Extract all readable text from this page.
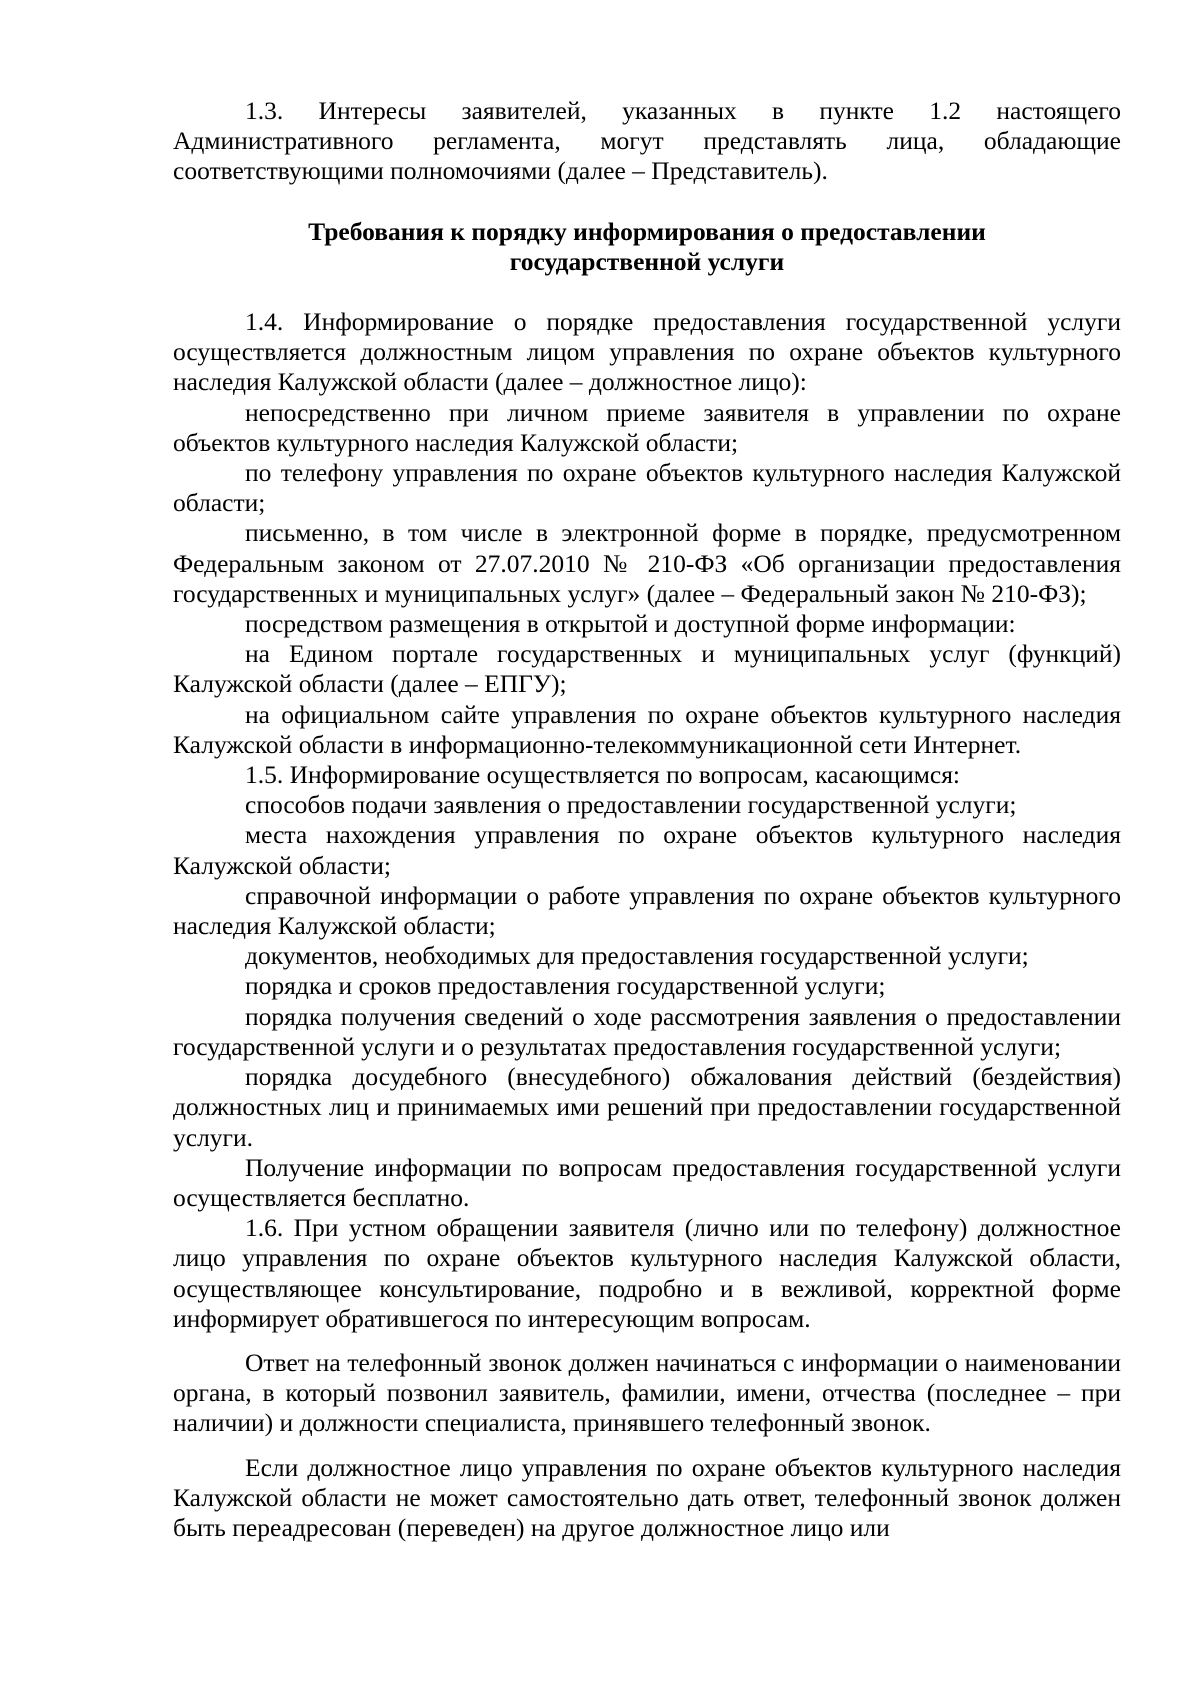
1.3. Интересы заявителей, указанных в пункте 1.2 настоящего Административного регламента, могут представлять лица, обладающие соответствующими полномочиями (далее – Представитель).

Требования к порядку информирования о предоставлении

государственной услуги

1.4. Информирование о порядке предоставления государственной услуги осуществляется должностным лицом управления по охране объектов культурного наследия Калужской области (далее – должностное лицо):

непосредственно при личном приеме заявителя в управлении по охране объектов культурного наследия Калужской области;

по телефону управления по охране объектов культурного наследия Калужской области;

письменно, в том числе в электронной форме в порядке, предусмотренном Федеральным законом от 27.07.2010 № 210-ФЗ «Об организации предоставления государственных и муниципальных услуг» (далее – Федеральный закон № 210-ФЗ);

посредством размещения в открытой и доступной форме информации:

на Едином портале государственных и муниципальных услуг (функций) Калужской области (далее – ЕПГУ);

на официальном сайте управления по охране объектов культурного наследия Калужской области в информационно-телекоммуникационной сети Интернет.

1.5. Информирование осуществляется по вопросам, касающимся:

способов подачи заявления о предоставлении государственной услуги;

места нахождения управления по охране объектов культурного наследия Калужской области;

справочной информации о работе управления по охране объектов культурного наследия Калужской области;

документов, необходимых для предоставления государственной услуги;

порядка и сроков предоставления государственной услуги;

порядка получения сведений о ходе рассмотрения заявления о предоставлении государственной услуги и о результатах предоставления государственной услуги;

порядка досудебного (внесудебного) обжалования действий (бездействия) должностных лиц и принимаемых ими решений при предоставлении государственной услуги.

Получение информации по вопросам предоставления государственной услуги осуществляется бесплатно.

1.6. При устном обращении заявителя (лично или по телефону) должностное лицо управления по охране объектов культурного наследия Калужской области, осуществляющее консультирование, подробно и в вежливой, корректной форме информирует обратившегося по интересующим вопросам.

Ответ на телефонный звонок должен начинаться с информации о наименовании органа, в который позвонил заявитель, фамилии, имени, отчества (последнее – при наличии) и должности специалиста, принявшего телефонный звонок.

Если должностное лицо управления по охране объектов культурного наследия Калужской области не может самостоятельно дать ответ, телефонный звонок должен быть переадресован (переведен) на другое должностное лицо или
